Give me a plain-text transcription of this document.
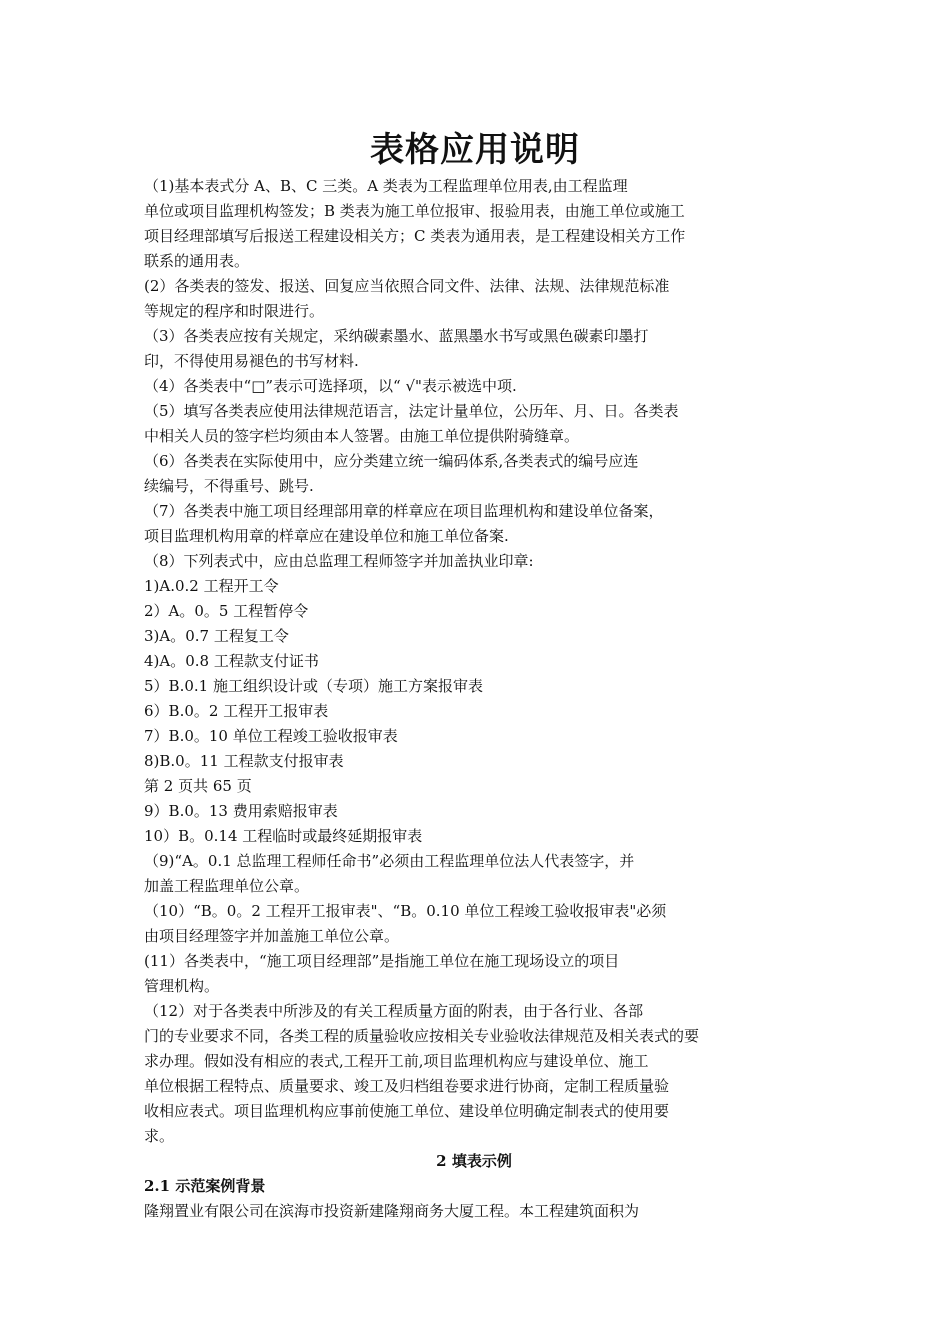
表格应用说明
（1)基本表式分 A、B、C 三类。A 类表为工程监理单位用表,由工程监理
单位或项目监理机构签发；B 类表为施工单位报审、报验用表，由施工单位或施工
项目经理部填写后报送工程建设相关方；C 类表为通用表，是工程建设相关方工作
联系的通用表。
(2）各类表的签发、报送、回复应当依照合同文件、法律、法规、法律规范标准
等规定的程序和时限进行。
（3）各类表应按有关规定，采纳碳素墨水、蓝黑墨水书写或黑色碳素印墨打
印，不得使用易褪色的书写材料.
（4）各类表中“□”表示可选择项，以“ √"表示被选中项.
（5）填写各类表应使用法律规范语言，法定计量单位，公历年、月、日。各类表
中相关人员的签字栏均须由本人签署。由施工单位提供附骑缝章。
（6）各类表在实际使用中，应分类建立统一编码体系,各类表式的编号应连
续编号，不得重号、跳号.
（7）各类表中施工项目经理部用章的样章应在项目监理机构和建设单位备案，
项目监理机构用章的样章应在建设单位和施工单位备案.
（8）下列表式中，应由总监理工程师签字并加盖执业印章:
1)A.0.2 工程开工令
2）A。0。5 工程暂停令
3)A。0.7 工程复工令
4)A。0.8 工程款支付证书
5）B.0.1 施工组织设计或（专项）施工方案报审表
6）B.0。2 工程开工报审表
7）B.0。10 单位工程竣工验收报审表
8)B.0。11 工程款支付报审表
第 2 页共 65 页
9）B.0。13 费用索赔报审表
10）B。0.14 工程临时或最终延期报审表
（9)“A。0.1 总监理工程师任命书”必须由工程监理单位法人代表签字，并
加盖工程监理单位公章。
（10）“B。0。2 工程开工报审表"、“B。0.10 单位工程竣工验收报审表"必须
由项目经理签字并加盖施工单位公章。
(11）各类表中，“施工项目经理部”是指施工单位在施工现场设立的项目
管理机构。
（12）对于各类表中所涉及的有关工程质量方面的附表，由于各行业、各部
门的专业要求不同，各类工程的质量验收应按相关专业验收法律规范及相关表式的要
求办理。假如没有相应的表式,工程开工前,项目监理机构应与建设单位、施工
单位根据工程特点、质量要求、竣工及归档组卷要求进行协商，定制工程质量验
收相应表式。项目监理机构应事前使施工单位、建设单位明确定制表式的使用要
求。
2 填表示例
2.1 示范案例背景
隆翔置业有限公司在滨海市投资新建隆翔商务大厦工程。本工程建筑面积为
